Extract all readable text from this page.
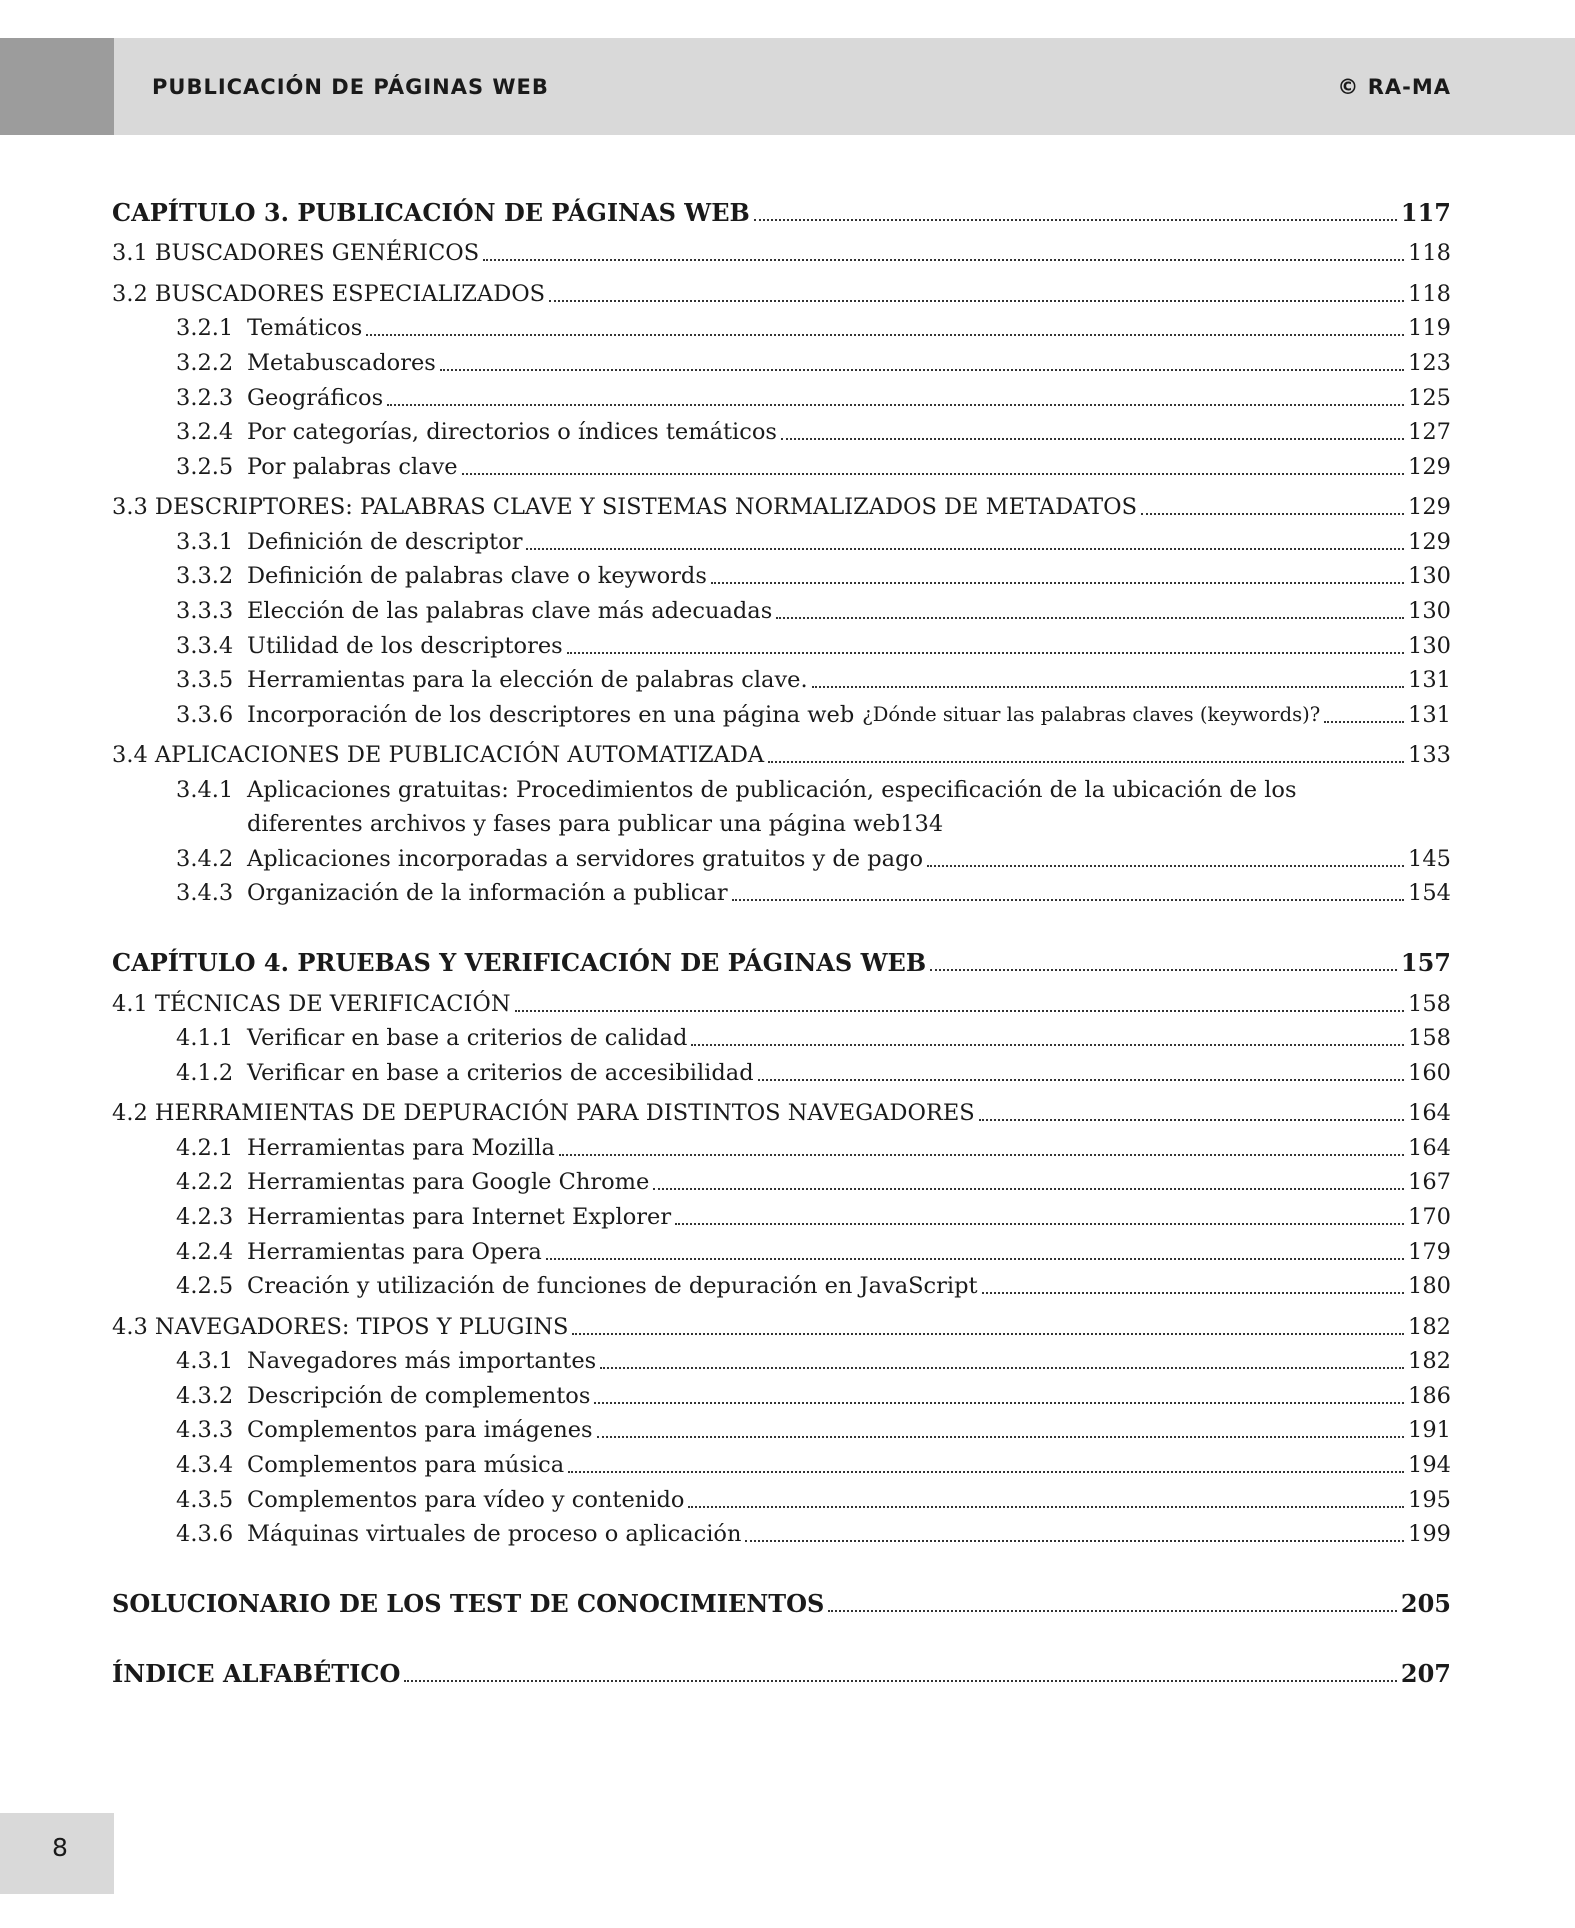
PUBLICACIÓN DE PÁGINAS WEB	© RA-MA
CAPÍTULO 3. PUBLICACIÓN DE PÁGINAS WEB	117
3.1 BUSCADORES GENÉRICOS	118
3.2 BUSCADORES ESPECIALIZADOS	118
3.2.1 Temáticos	119
3.2.2 Metabuscadores	123
3.2.3 Geográficos	125
3.2.4 Por categorías, directorios o índices temáticos	127
3.2.5 Por palabras clave	129
3.3 DESCRIPTORES: PALABRAS CLAVE Y SISTEMAS NORMALIZADOS DE METADATOS	129
3.3.1 Definición de descriptor	129
3.3.2 Definición de palabras clave o keywords	130
3.3.3 Elección de las palabras clave más adecuadas	130
3.3.4 Utilidad de los descriptores	130
3.3.5 Herramientas para la elección de palabras clave.	131
3.3.6 Incorporación de los descriptores en una página web ¿Dónde situar las palabras claves (keywords)?	131
3.4 APLICACIONES DE PUBLICACIÓN AUTOMATIZADA	133
3.4.1 Aplicaciones gratuitas: Procedimientos de publicación, especificación de la ubicación de los
diferentes archivos y fases para publicar una página web 134
3.4.2 Aplicaciones incorporadas a servidores gratuitos y de pago	145
3.4.3 Organización de la información a publicar	154
CAPÍTULO 4. PRUEBAS Y VERIFICACIÓN DE PÁGINAS WEB	157
4.1 TÉCNICAS DE VERIFICACIÓN	158
4.1.1 Verificar en base a criterios de calidad	158
4.1.2 Verificar en base a criterios de accesibilidad	160
4.2 HERRAMIENTAS DE DEPURACIÓN PARA DISTINTOS NAVEGADORES	164
4.2.1 Herramientas para Mozilla	164
4.2.2 Herramientas para Google Chrome	167
4.2.3 Herramientas para Internet Explorer	170
4.2.4 Herramientas para Opera	179
4.2.5 Creación y utilización de funciones de depuración en JavaScript	180
4.3 NAVEGADORES: TIPOS Y PLUGINS	182
4.3.1 Navegadores más importantes	182
4.3.2 Descripción de complementos	186
4.3.3 Complementos para imágenes	191
4.3.4 Complementos para música	194
4.3.5 Complementos para vídeo y contenido	195
4.3.6 Máquinas virtuales de proceso o aplicación	199
SOLUCIONARIO DE LOS TEST DE CONOCIMIENTOS	205
ÍNDICE ALFABÉTICO	207
8
